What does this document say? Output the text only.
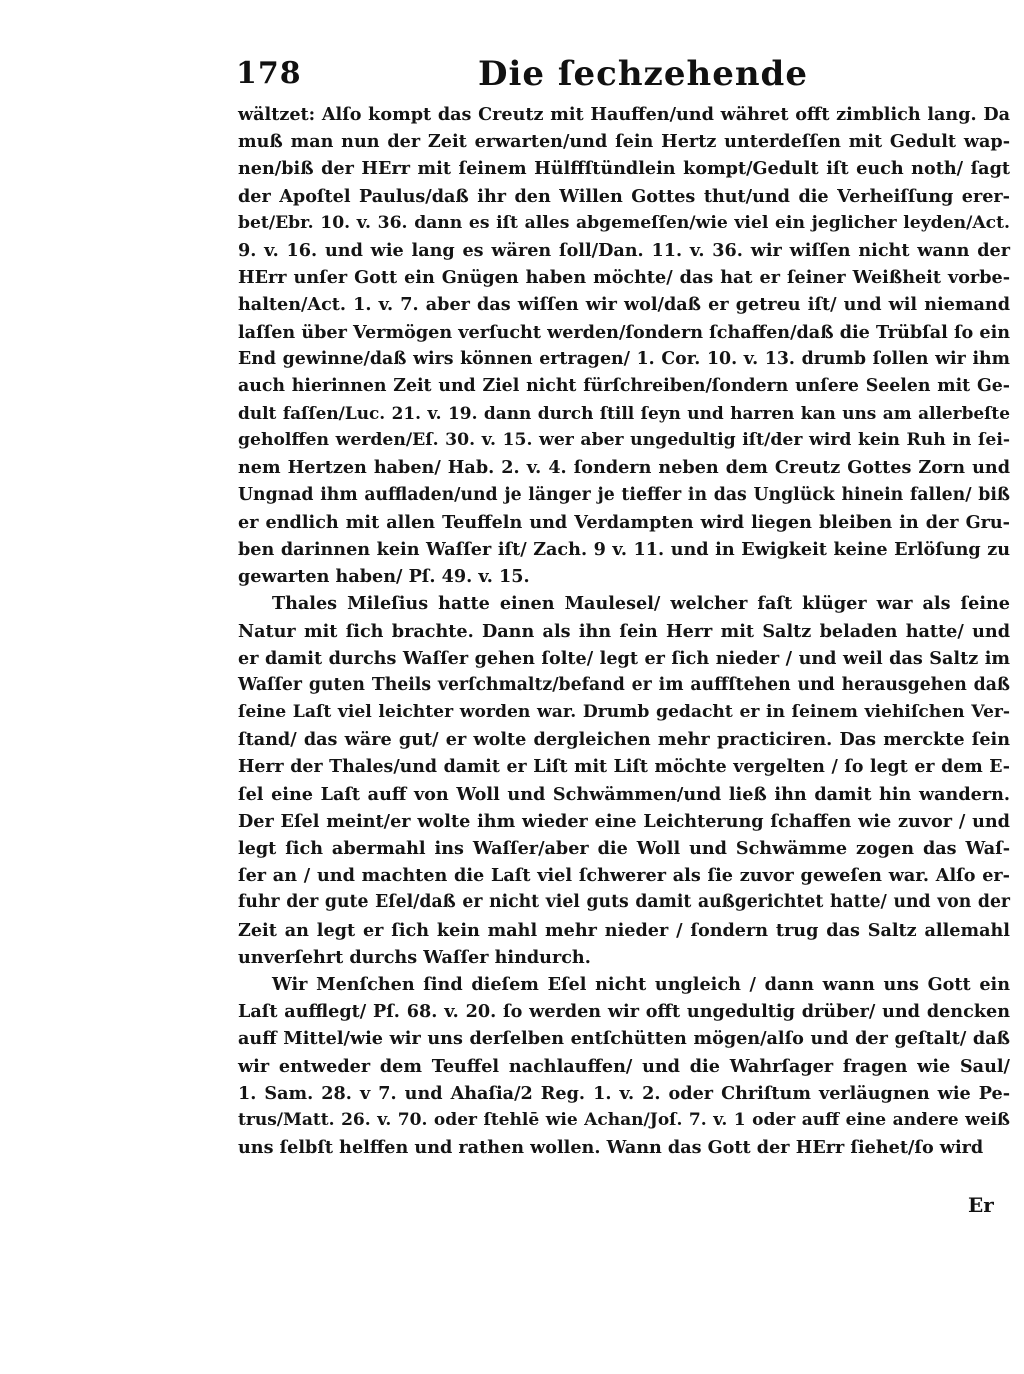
178	Die ſechzehende
wältzet: Alſo kompt das Creutz mit Hauffen/und währet offt zimblich lang. Da
muß man nun der Zeit erwarten/und ſein Hertz unterdeſſen mit Gedult wap-
nen/biß der HErr mit ſeinem Hülffſtündlein kompt/Gedult iſt euch noth/ ſagt
der Apoſtel Paulus/daß ihr den Willen Gottes thut/und die Verheiſſung erer-
bet/Ebr. 10. v. 36. dann es iſt alles abgemeſſen/wie viel ein jeglicher leyden/Act.
9. v. 16. und wie lang es wären ſoll/Dan. 11. v. 36. wir wiſſen nicht wann der
HErr unſer Gott ein Gnügen haben möchte/ das hat er ſeiner Weißheit vorbe-
halten/Act. 1. v. 7. aber das wiſſen wir wol/daß er getreu iſt/ und wil niemand
laſſen über Vermögen verſucht werden/ſondern ſchaffen/daß die Trübſal ſo ein
End gewinne/daß wirs können ertragen/ 1. Cor. 10. v. 13. drumb ſollen wir ihm
auch hierinnen Zeit und Ziel nicht fürſchreiben/ſondern unſere Seelen mit Ge-
dult faſſen/Luc. 21. v. 19. dann durch ſtill ſeyn und harren kan uns am allerbeſte
geholffen werden/Eſ. 30. v. 15. wer aber ungedultig iſt/der wird kein Ruh in ſei-
nem Hertzen haben/ Hab. 2. v. 4. ſondern neben dem Creutz Gottes Zorn und
Ungnad ihm auffladen/und je länger je tieffer in das Unglück hinein fallen/ biß
er endlich mit allen Teuffeln und Verdampten wird liegen bleiben in der Gru-
ben darinnen kein Waſſer iſt/ Zach. 9 v. 11. und in Ewigkeit keine Erlöſung zu
gewarten haben/ Pſ. 49. v. 15.
Thales Mileſius hatte einen Maulesel/ welcher faſt klüger war als ſeine
Natur mit ſich brachte. Dann als ihn ſein Herr mit Saltz beladen hatte/ und
er damit durchs Waſſer gehen ſolte/ legt er ſich nieder / und weil das Saltz im
Waſſer guten Theils verſchmaltz/befand er im auffſtehen und herausgehen daß
ſeine Laſt viel leichter worden war. Drumb gedacht er in ſeinem viehiſchen Ver-
ſtand/ das wäre gut/ er wolte dergleichen mehr practiciren. Das merckte ſein
Herr der Thales/und damit er Liſt mit Liſt möchte vergelten / ſo legt er dem E-
ſel eine Laſt auff von Woll und Schwämmen/und ließ ihn damit hin wandern.
Der Eſel meint/er wolte ihm wieder eine Leichterung ſchaffen wie zuvor / und
legt ſich abermahl ins Waſſer/aber die Woll und Schwämme zogen das Waſ-
ſer an / und machten die Laſt viel ſchwerer als ſie zuvor geweſen war. Alſo er-
fuhr der gute Eſel/daß er nicht viel guts damit außgerichtet hatte/ und von der
Zeit an legt er ſich kein mahl mehr nieder / ſondern trug das Saltz allemahl
unverſehrt durchs Waſſer hindurch.
Wir Menſchen ſind dieſem Eſel nicht ungleich / dann wann uns Gott ein
Laſt aufflegt/ Pſ. 68. v. 20. ſo werden wir offt ungedultig drüber/ und dencken
auff Mittel/wie wir uns derſelben entſchütten mögen/alſo und der geſtalt/ daß
wir entweder dem Teuffel nachlauffen/ und die Wahrſager fragen wie Saul/
1. Sam. 28. v 7. und Ahaſia/2 Reg. 1. v. 2. oder Chriſtum verläugnen wie Pe-
trus/Matt. 26. v. 70. oder ſtehlē wie Achan/Joſ. 7. v. 1 oder auff eine andere weiß
uns ſelbſt helffen und rathen wollen. Wann das Gott der HErr ſiehet/ſo wird
Er
